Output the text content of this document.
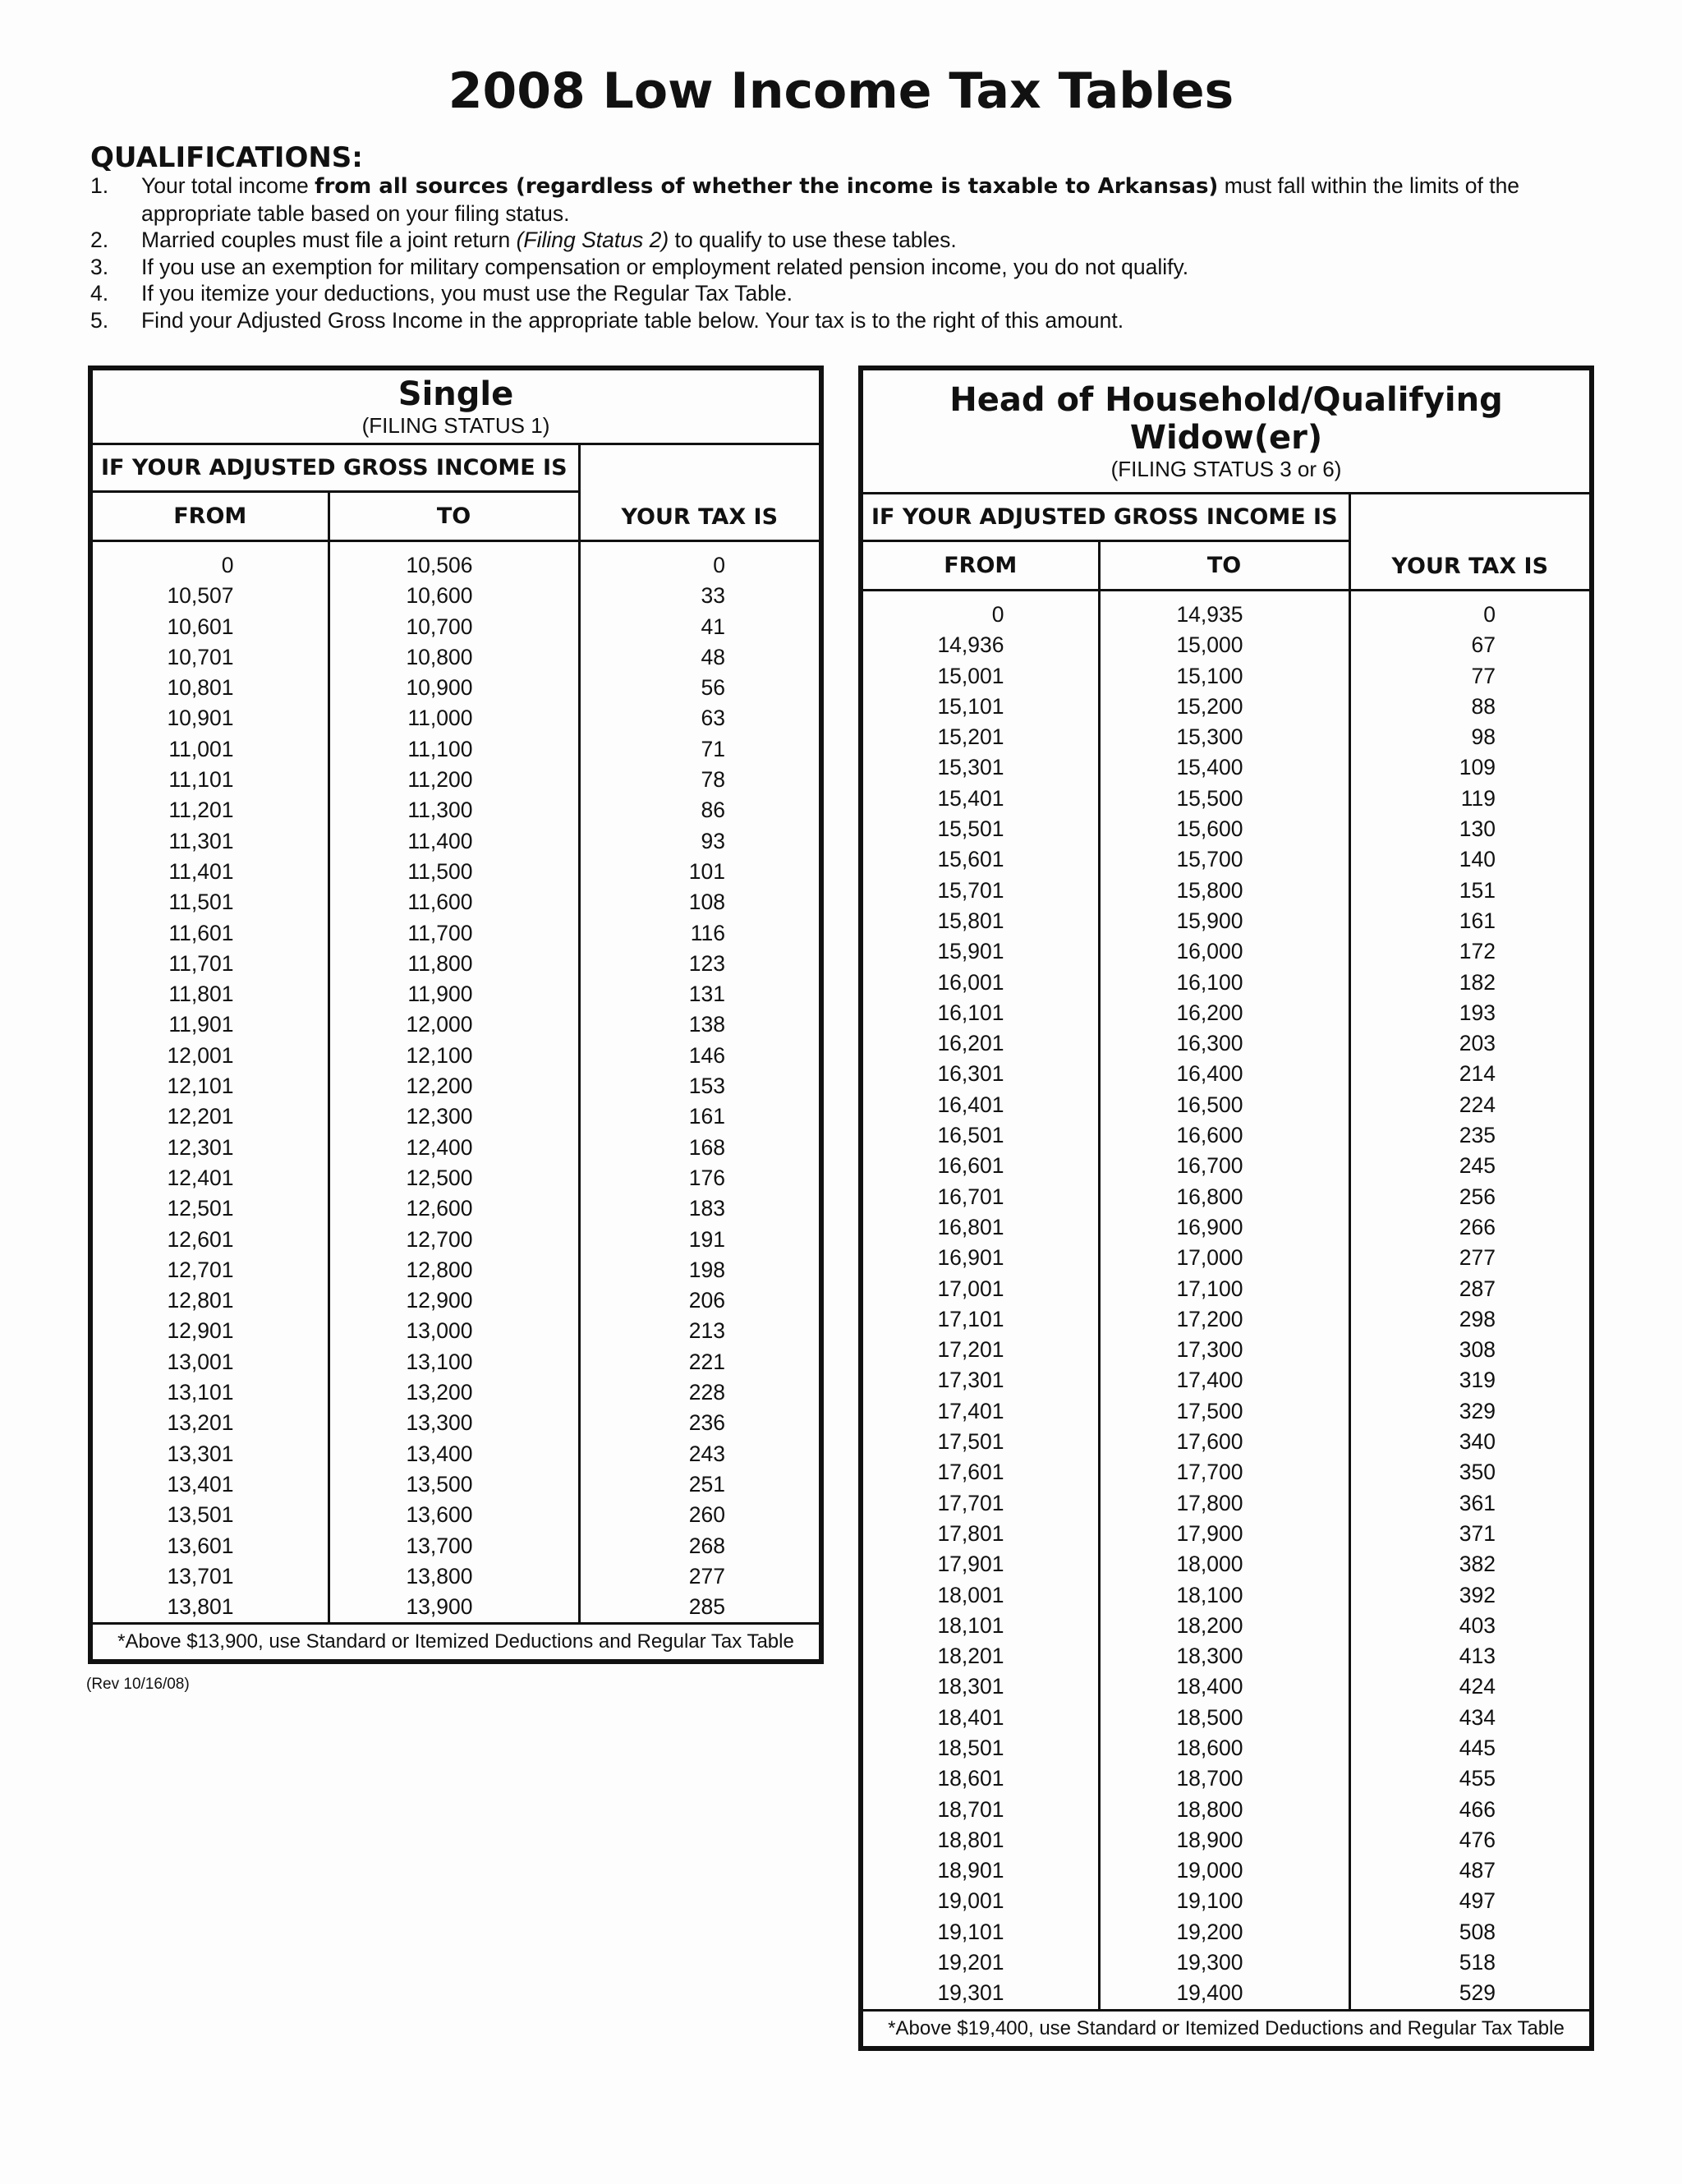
2008 Low Income Tax Tables
QUALIFICATIONS:
1. Your total income from all sources (regardless of whether the income is taxable to Arkansas) must fall within the limits of the appropriate table based on your filing status.
2. Married couples must file a joint return (Filing Status 2) to qualify to use these tables.
3. If you use an exemption for military compensation or employment related pension income, you do not qualify.
4. If you itemize your deductions, you must use the Regular Tax Table.
5. Find your Adjusted Gross Income in the appropriate table below. Your tax is to the right of this amount.
Single
(FILING STATUS 1)		

IF YOUR ADJUSTED GROSS INCOME IS		YOUR TAX IS
FROM	TO	
0	10,506	0
10,507	10,600	33
10,601	10,700	41
10,701	10,800	48
10,801	10,900	56
10,901	11,000	63
11,001	11,100	71
11,101	11,200	78
11,201	11,300	86
11,301	11,400	93
11,401	11,500	101
11,501	11,600	108
11,601	11,700	116
11,701	11,800	123
11,801	11,900	131
11,901	12,000	138
12,001	12,100	146
12,101	12,200	153
12,201	12,300	161
12,301	12,400	168
12,401	12,500	176
12,501	12,600	183
12,601	12,700	191
12,701	12,800	198
12,801	12,900	206
12,901	13,000	213
13,001	13,100	221
13,101	13,200	228
13,201	13,300	236
13,301	13,400	243
13,401	13,500	251
13,501	13,600	260
13,601	13,700	268
13,701	13,800	277
13,801	13,900	285
*Above $13,900, use Standard or Itemized Deductions and Regular Tax Table		
(Rev 10/16/08)
Head of Household/Qualifying
Widow(er)
(FILING STATUS 3 or 6)		

IF YOUR ADJUSTED GROSS INCOME IS		YOUR TAX IS
FROM	TO	
0	14,935	0
14,936	15,000	67
15,001	15,100	77
15,101	15,200	88
15,201	15,300	98
15,301	15,400	109
15,401	15,500	119
15,501	15,600	130
15,601	15,700	140
15,701	15,800	151
15,801	15,900	161
15,901	16,000	172
16,001	16,100	182
16,101	16,200	193
16,201	16,300	203
16,301	16,400	214
16,401	16,500	224
16,501	16,600	235
16,601	16,700	245
16,701	16,800	256
16,801	16,900	266
16,901	17,000	277
17,001	17,100	287
17,101	17,200	298
17,201	17,300	308
17,301	17,400	319
17,401	17,500	329
17,501	17,600	340
17,601	17,700	350
17,701	17,800	361
17,801	17,900	371
17,901	18,000	382
18,001	18,100	392
18,101	18,200	403
18,201	18,300	413
18,301	18,400	424
18,401	18,500	434
18,501	18,600	445
18,601	18,700	455
18,701	18,800	466
18,801	18,900	476
18,901	19,000	487
19,001	19,100	497
19,101	19,200	508
19,201	19,300	518
19,301	19,400	529
*Above $19,400, use Standard or Itemized Deductions and Regular Tax Table		
